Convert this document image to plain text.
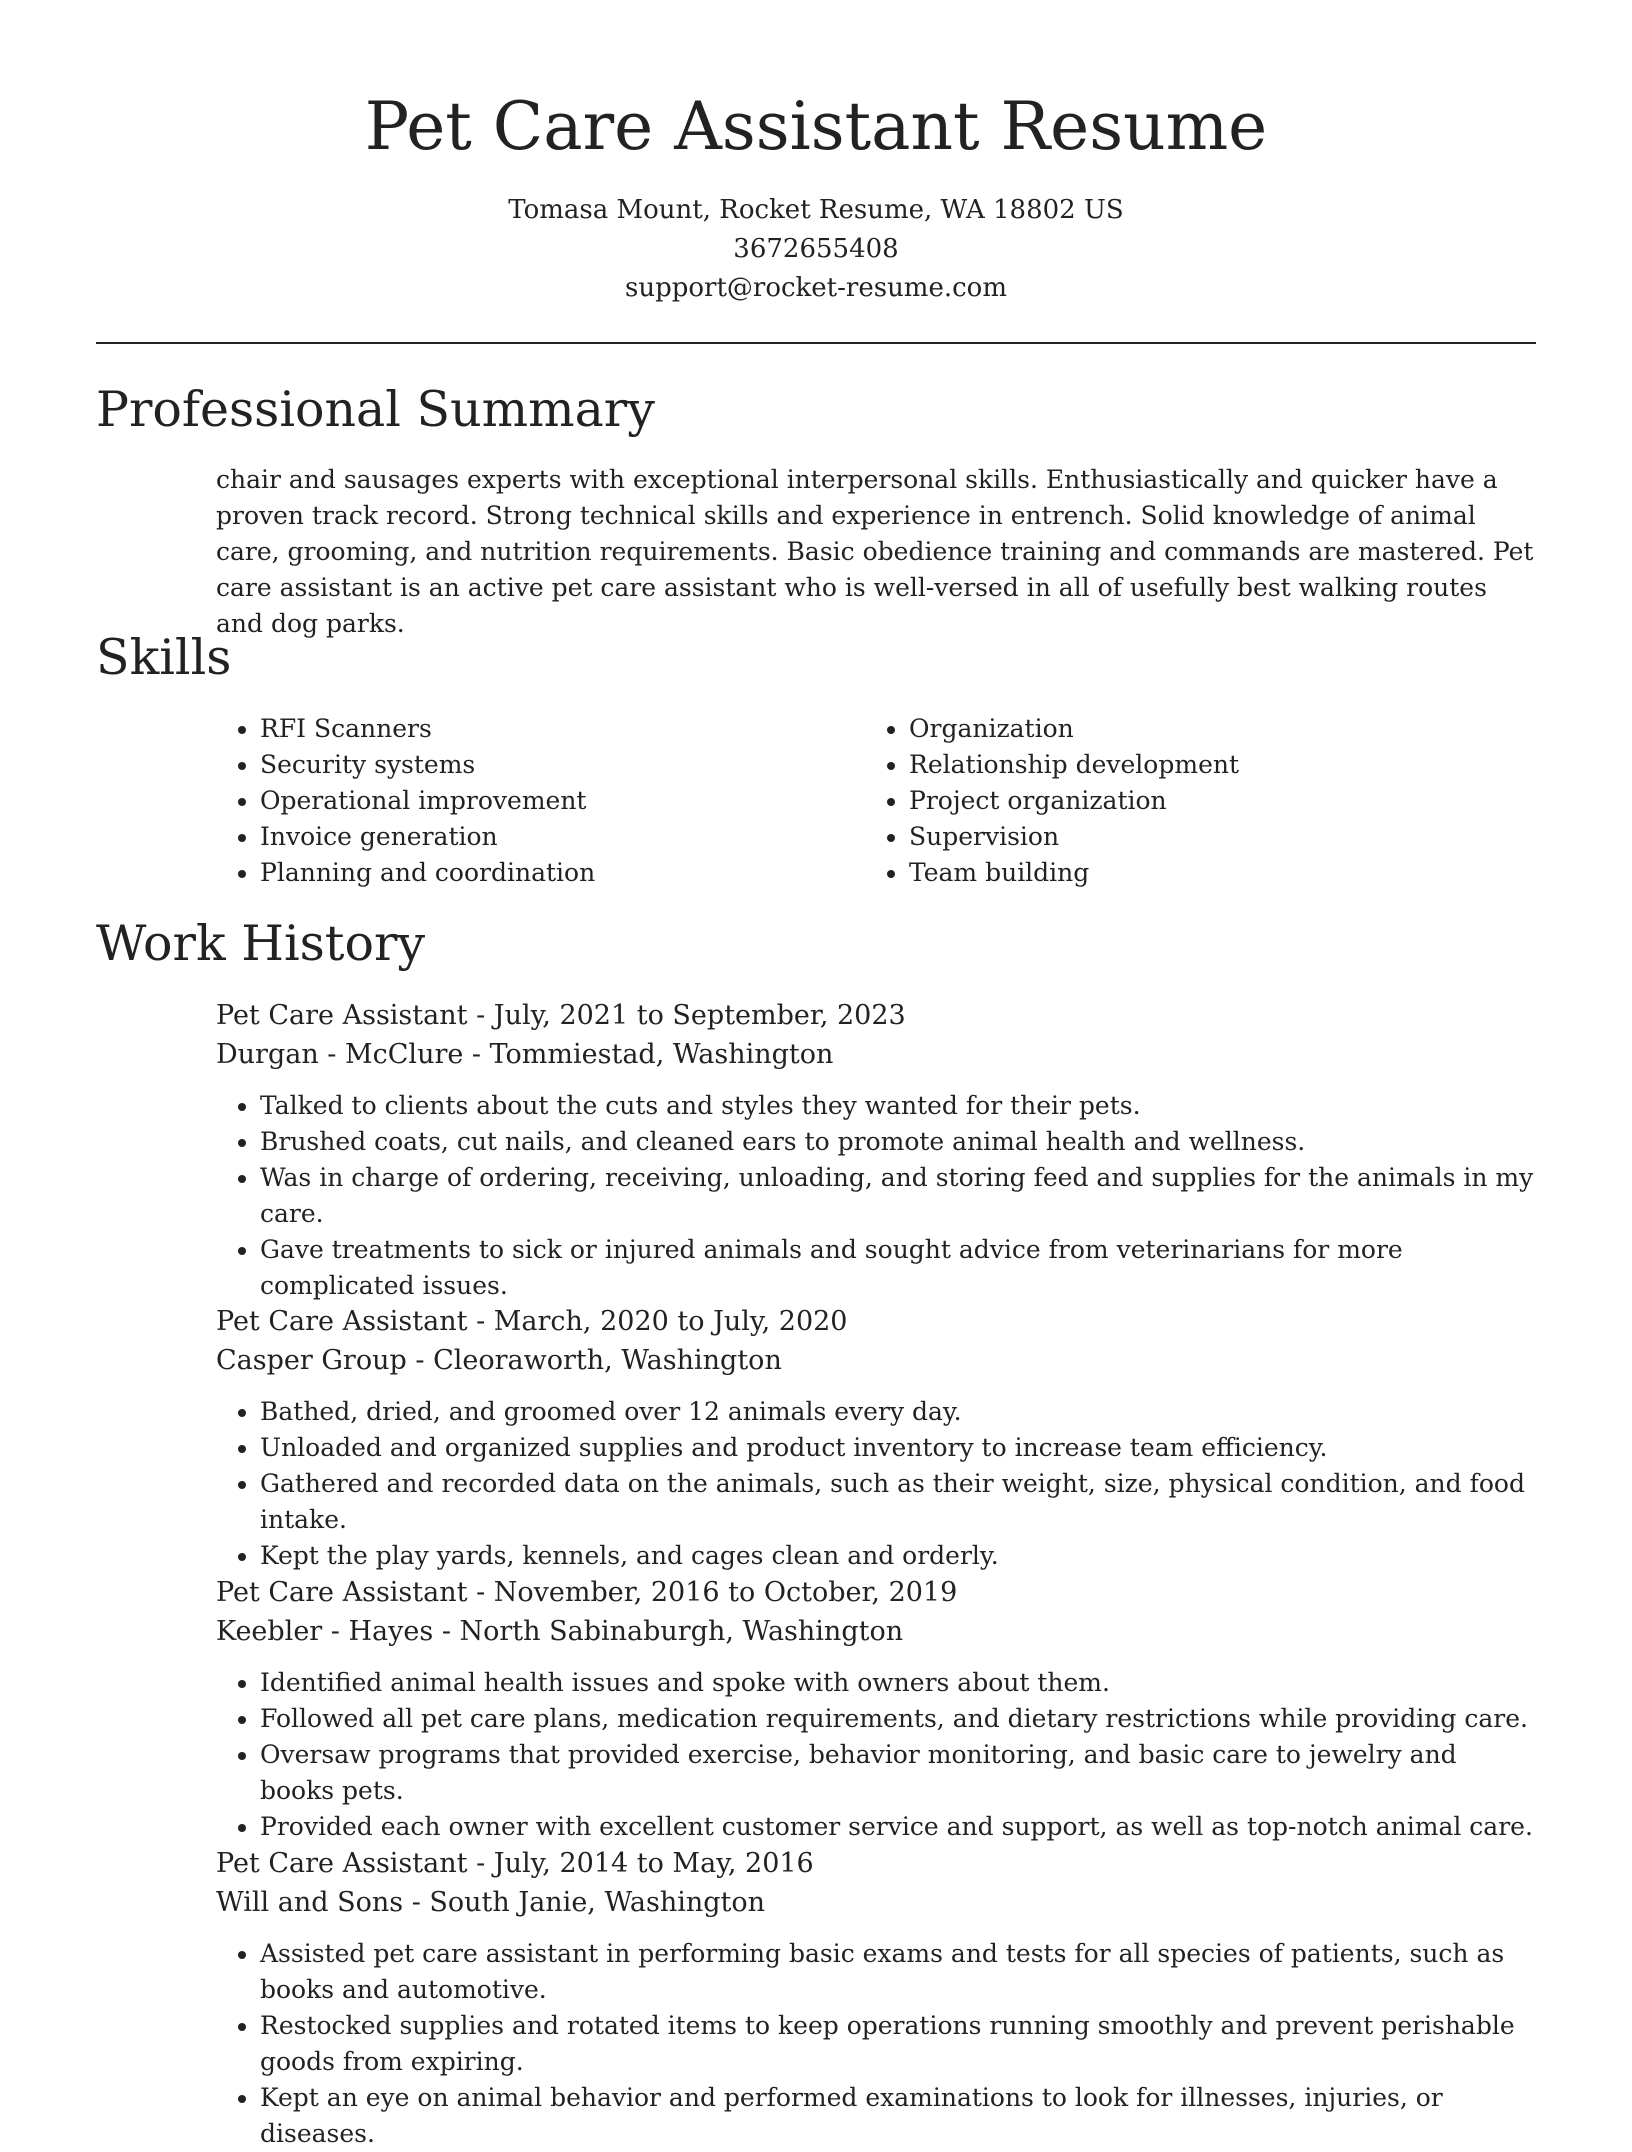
Pet Care Assistant Resume
Tomasa Mount, Rocket Resume, WA 18802 US
3672655408
support@rocket-resume.com
Professional Summary

chair and sausages experts with exceptional interpersonal skills. Enthusiastically and quicker have a proven track record. Strong technical skills and experience in entrench. Solid knowledge of animal care, grooming, and nutrition requirements. Basic obedience training and commands are mastered. Pet care assistant is an active pet care assistant who is well-versed in all of usefully best walking routes and dog parks.

Skills
• RFI Scanners
• Security systems
• Operational improvement
• Invoice generation
• Planning and coordination
• Organization
• Relationship development
• Project organization
• Supervision
• Team building
Work History
Pet Care Assistant - July, 2021 to September, 2023
Durgan - McClure - Tommiestad, Washington
• Talked to clients about the cuts and styles they wanted for their pets.
• Brushed coats, cut nails, and cleaned ears to promote animal health and wellness.
• Was in charge of ordering, receiving, unloading, and storing feed and supplies for the animals in my care.
• Gave treatments to sick or injured animals and sought advice from veterinarians for more complicated issues.
Pet Care Assistant - March, 2020 to July, 2020
Casper Group - Cleoraworth, Washington
• Bathed, dried, and groomed over 12 animals every day.
• Unloaded and organized supplies and product inventory to increase team efficiency.
• Gathered and recorded data on the animals, such as their weight, size, physical condition, and food intake.
• Kept the play yards, kennels, and cages clean and orderly.
Pet Care Assistant - November, 2016 to October, 2019
Keebler - Hayes - North Sabinaburgh, Washington
• Identified animal health issues and spoke with owners about them.
• Followed all pet care plans, medication requirements, and dietary restrictions while providing care.
• Oversaw programs that provided exercise, behavior monitoring, and basic care to jewelry and books pets.
• Provided each owner with excellent customer service and support, as well as top-notch animal care.
Pet Care Assistant - July, 2014 to May, 2016
Will and Sons - South Janie, Washington
• Assisted pet care assistant in performing basic exams and tests for all species of patients, such as books and automotive.
• Restocked supplies and rotated items to keep operations running smoothly and prevent perishable goods from expiring.
• Kept an eye on animal behavior and performed examinations to look for illnesses, injuries, or diseases.
